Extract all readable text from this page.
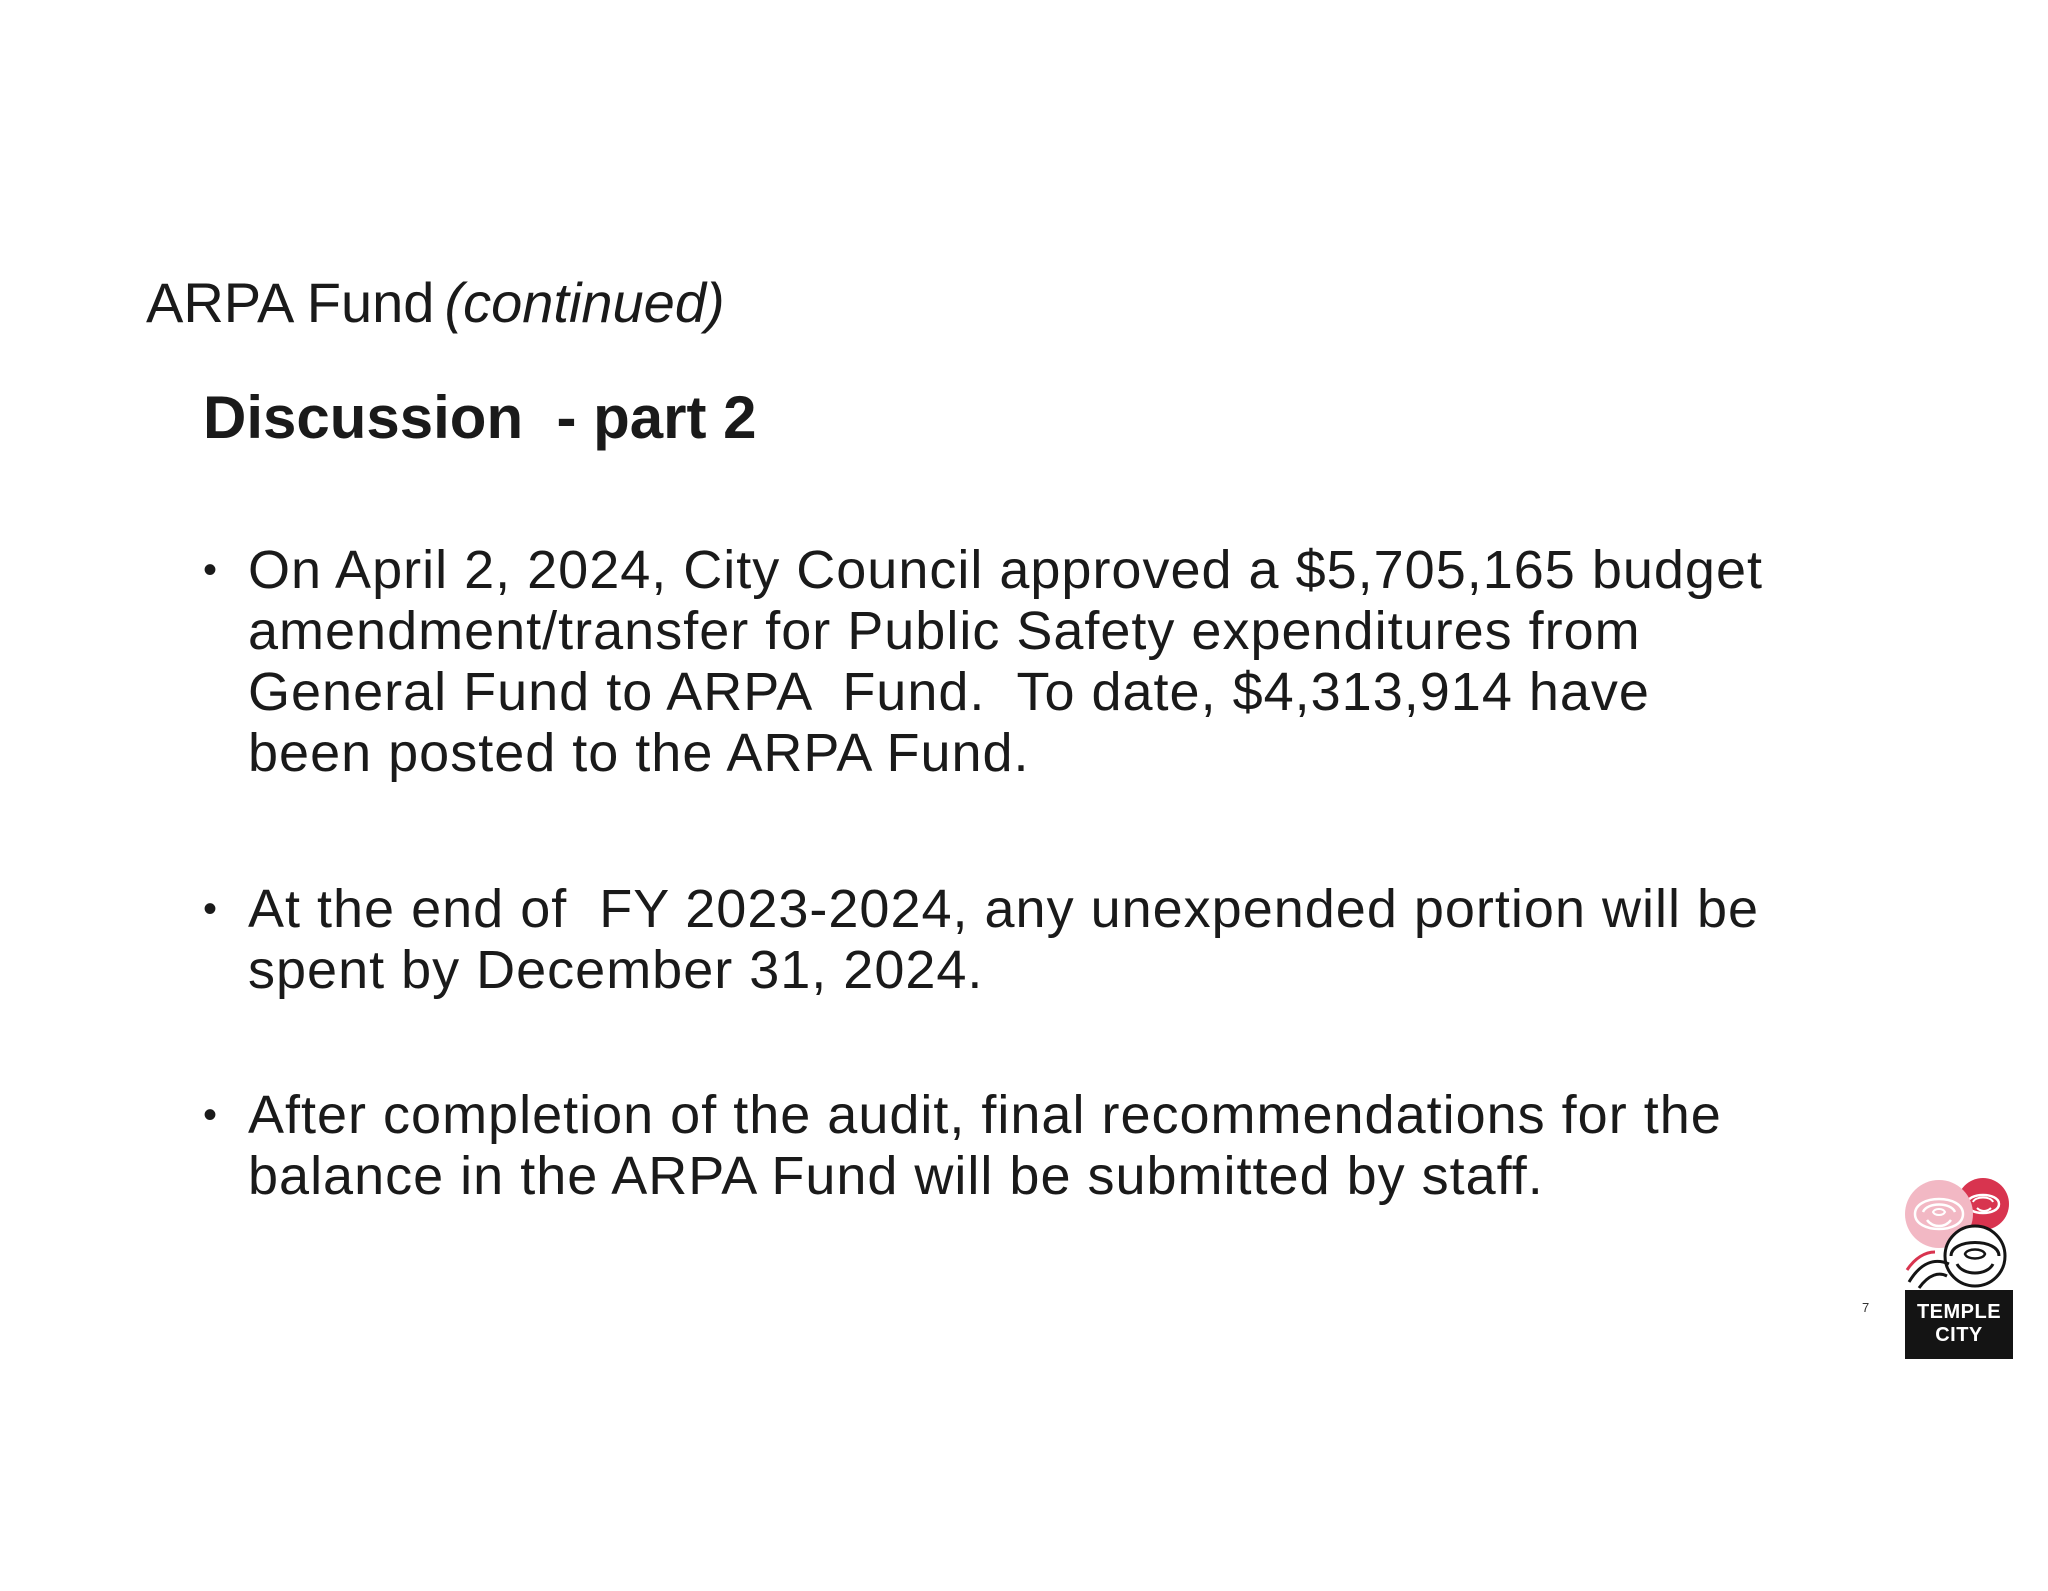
ARPA Fund (continued)
Discussion  - part 2
• On April 2, 2024, City Council approved a $5,705,165 budget amendment/transfer for Public Safety expenditures from General Fund to ARPA  Fund.  To date, $4,313,914 have been posted to the ARPA Fund.
• At the end of  FY 2023-2024, any unexpended portion will be spent by December 31, 2024.
• After completion of the audit, final recommendations for the balance in the ARPA Fund will be submitted by staff.
7	TEMPLE
CITY
